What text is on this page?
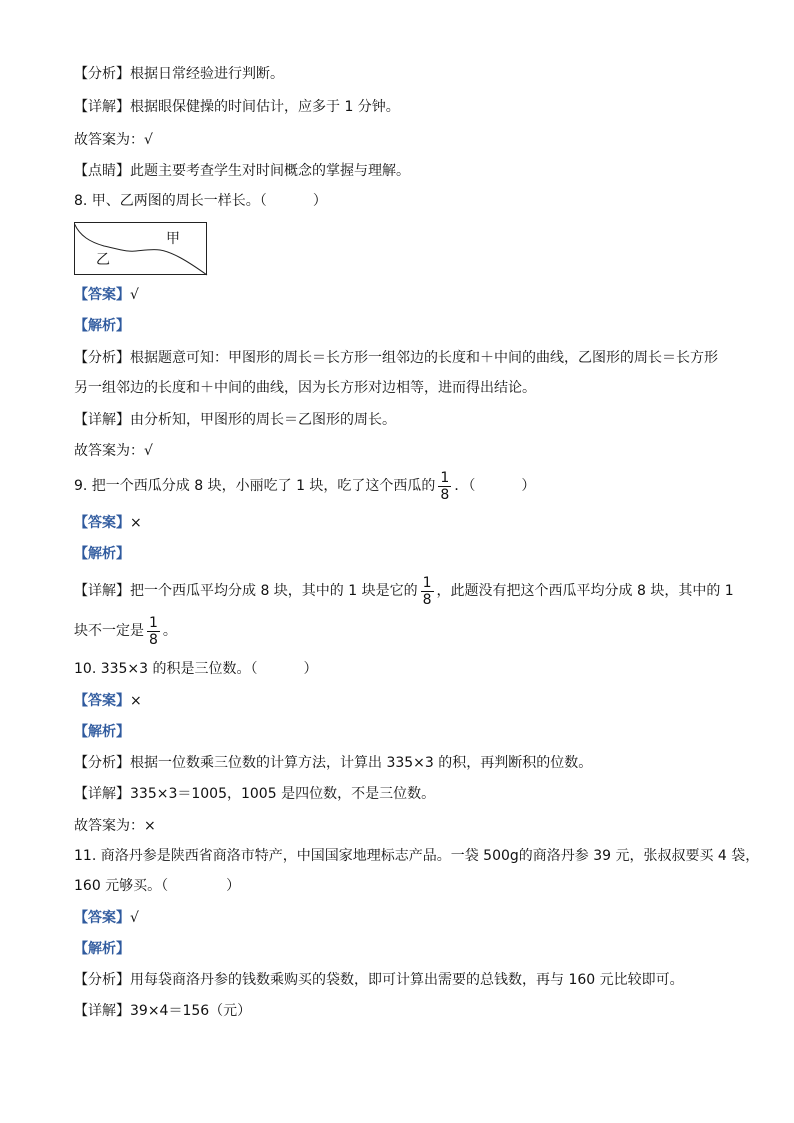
【分析】根据日常经验进行判断。
【详解】根据眼保健操的时间估计，应多于 1 分钟。
故答案为：√
【点睛】此题主要考查学生对时间概念的掌握与理解。
8. 甲、乙两图的周长一样长。（	）
甲
乙
【答案】√
【解析】
【分析】根据题意可知：甲图形的周长＝长方形一组邻边的长度和＋中间的曲线，乙图形的周长＝长方形
另一组邻边的长度和＋中间的曲线，因为长方形对边相等，进而得出结论。
【详解】由分析知，甲图形的周长＝乙图形的周长。
故答案为：√
9. 把一个西瓜分成 8 块，小丽吃了 1 块，吃了这个西瓜的 $\frac{1}{8}$ ．（	）
【答案】×
【解析】
【详解】把一个西瓜平均分成 8 块，其中的 1 块是它的 $\frac{1}{8}$ ，此题没有把这个西瓜平均分成 8 块，其中的 1
块不一定是 $\frac{1}{8}$ 。
10. 335×3 的积是三位数。（	）
【答案】×
【解析】
【分析】根据一位数乘三位数的计算方法，计算出 335×3 的积，再判断积的位数。
【详解】335×3＝1005，1005 是四位数，不是三位数。
故答案为：×
11. 商洛丹参是陕西省商洛市特产，中国国家地理标志产品。一袋 500g的商洛丹参 39 元，张叔叔要买 4 袋，
160 元够买。（	）
【答案】√
【解析】
【分析】用每袋商洛丹参的钱数乘购买的袋数，即可计算出需要的总钱数，再与 160 元比较即可。
【详解】39×4＝156（元）
